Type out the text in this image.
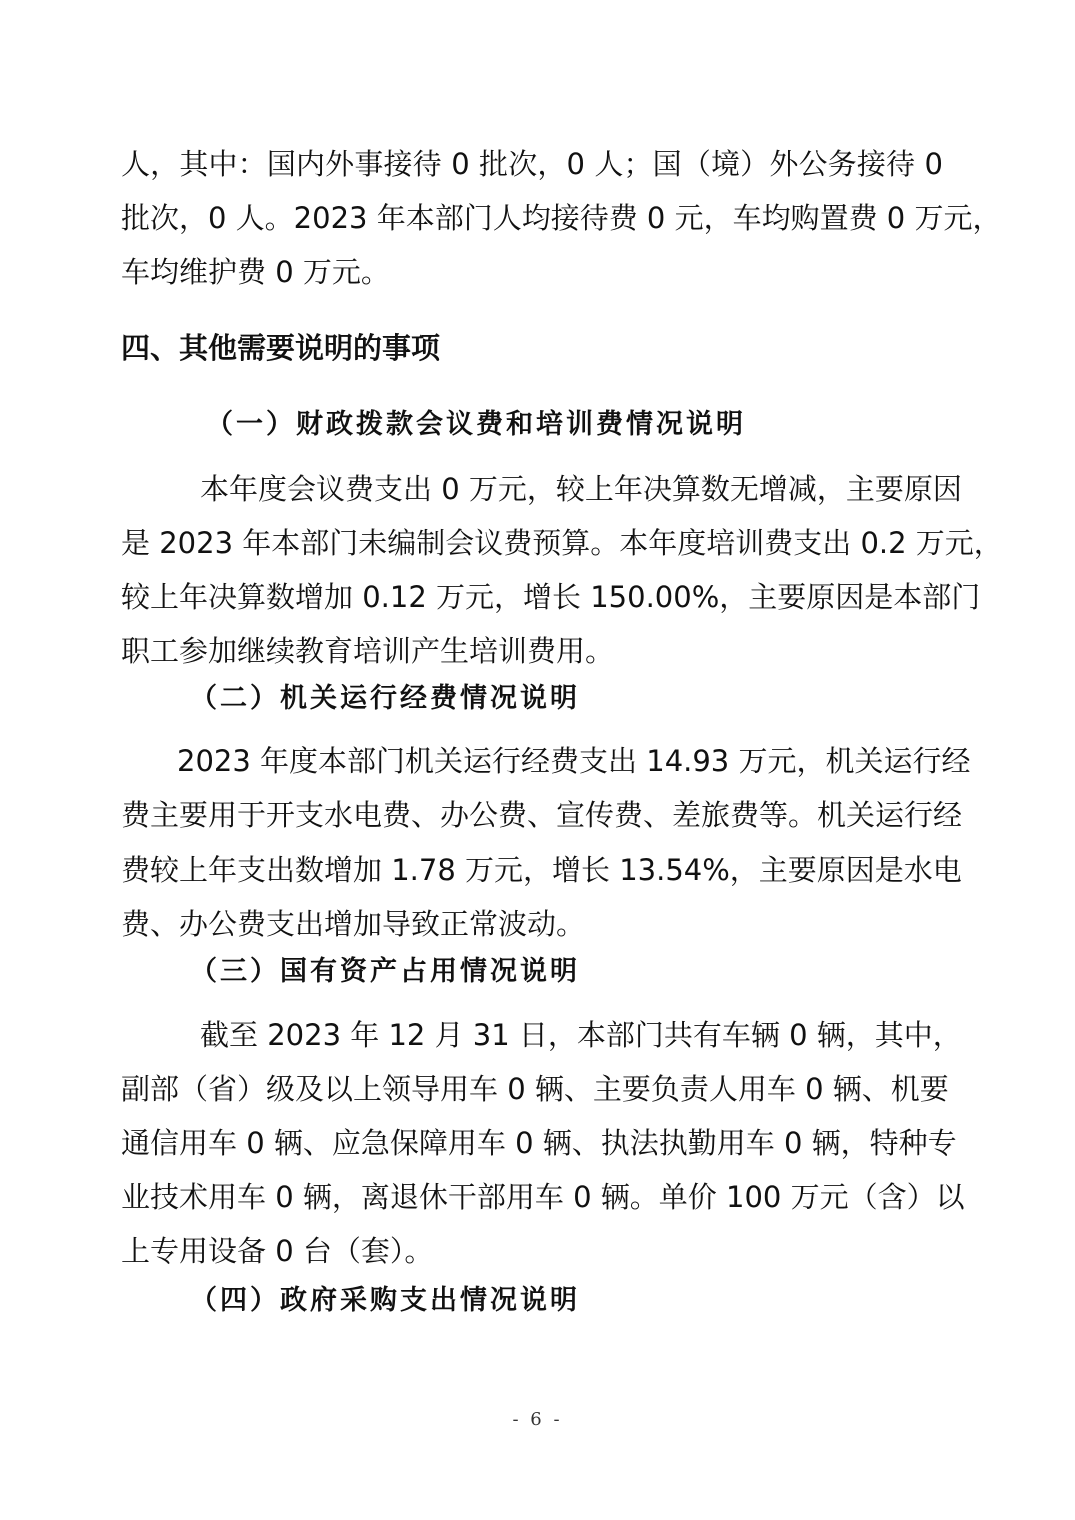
人，其中：国内外事接待 0 批次，0 人；国（境）外公务接待 0
批次，0 人。2023 年本部门人均接待费 0 元，车均购置费 0 万元，
车均维护费 0 万元。
四、其他需要说明的事项
（一）财政拨款会议费和培训费情况说明
本年度会议费支出 0 万元，较上年决算数无增减，主要原因
是 2023 年本部门未编制会议费预算。本年度培训费支出 0.2 万元，
较上年决算数增加 0.12 万元，增长 150.00%，主要原因是本部门
职工参加继续教育培训产生培训费用。
（二）机关运行经费情况说明
2023 年度本部门机关运行经费支出 14.93 万元，机关运行经
费主要用于开支水电费、办公费、宣传费、差旅费等。机关运行经
费较上年支出数增加 1.78 万元，增长 13.54%，主要原因是水电
费、办公费支出增加导致正常波动。
（三）国有资产占用情况说明
截至 2023 年 12 月 31 日，本部门共有车辆 0 辆，其中，
副部（省）级及以上领导用车 0 辆、主要负责人用车 0 辆、机要
通信用车 0 辆、应急保障用车 0 辆、执法执勤用车 0 辆，特种专
业技术用车 0 辆，离退休干部用车 0 辆。单价 100 万元（含）以
上专用设备 0 台（套）。
（四）政府采购支出情况说明
- 6 -
